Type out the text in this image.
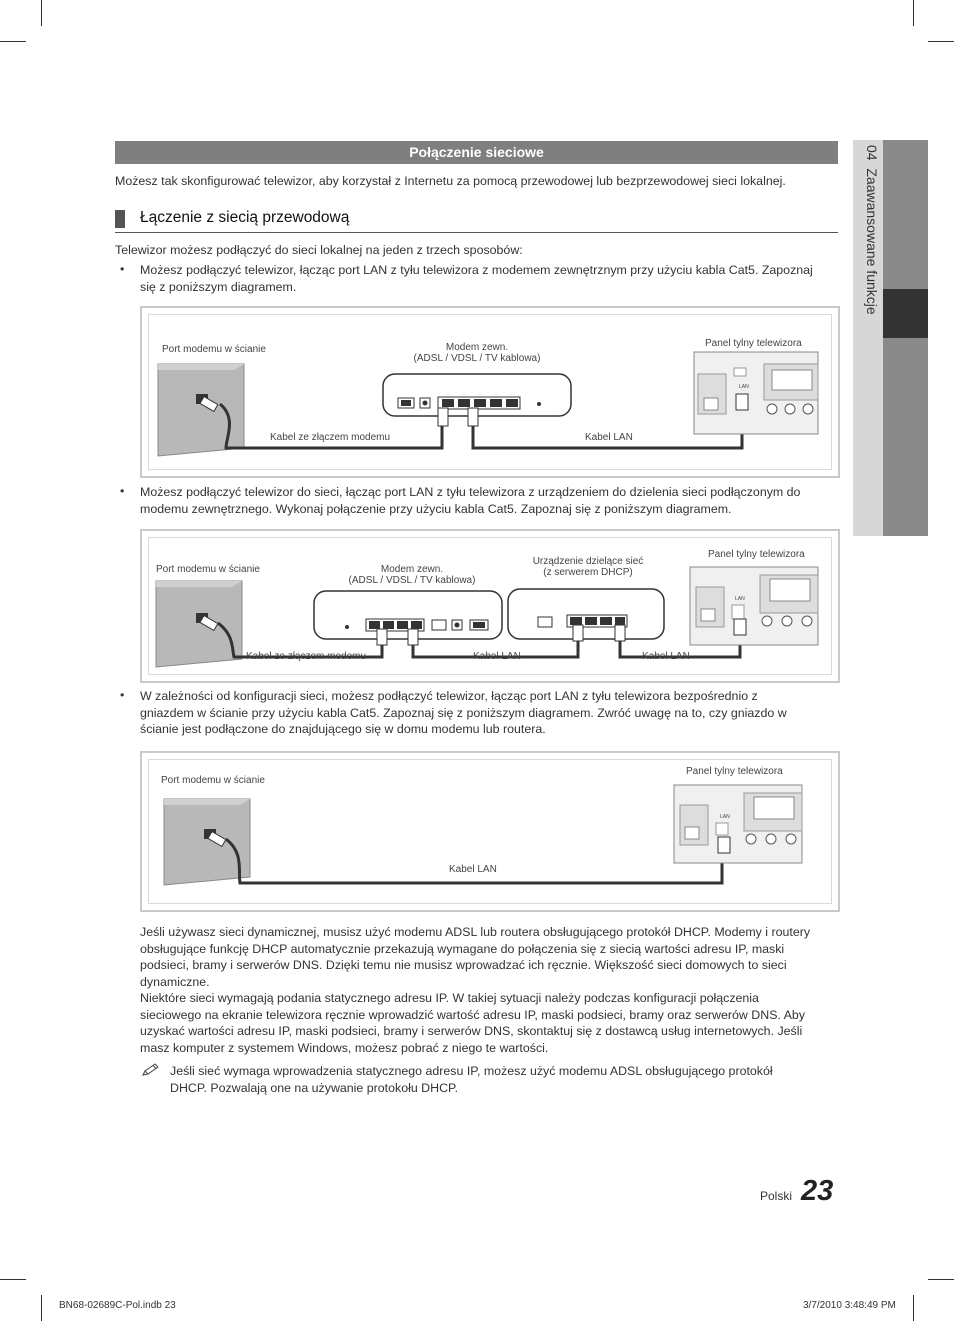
04  Zaawansowane funkcje
Połączenie sieciowe
Możesz tak skonfigurować telewizor, aby korzystał z Internetu za pomocą przewodowej lub bezprzewodowej sieci lokalnej.
Łączenie z siecią przewodową
Telewizor możesz podłączyć do sieci lokalnej na jeden z trzech sposobów:
• Możesz podłączyć telewizor, łącząc port LAN z tyłu telewizora z modemem zewnętrznym przy użyciu kabla Cat5. Zapoznaj
się z poniższym diagramem.
Port modemu w ścianie	Modem zewn.
(ADSL / VDSL / TV kablowa)
Panel tylny telewizora
Kabel ze złączem modemu	Kabel LAN
LAN
• Możesz podłączyć telewizor do sieci, łącząc port LAN z tyłu telewizora z urządzeniem do dzielenia sieci podłączonym do
modemu zewnętrznego. Wykonaj połączenie przy użyciu kabla Cat5. Zapoznaj się z poniższym diagramem.
Port modemu w ścianie	Modem zewn.
(ADSL / VDSL / TV kablowa)
Urządzenie dzielące sieć
(z serwerem DHCP)
Panel tylny telewizora
Kabel ze złączem modemu	Kabel LAN	Kabel LAN
LAN
• W zależności od konfiguracji sieci, możesz podłączyć telewizor, łącząc port LAN z tyłu telewizora bezpośrednio z
gniazdem w ścianie przy użyciu kabla Cat5. Zapoznaj się z poniższym diagramem. Zwróć uwagę na to, czy gniazdo w
ścianie jest podłączone do znajdującego się w domu modemu lub routera.
Port modemu w ścianie
Panel tylny telewizora
Kabel LAN
LAN
Jeśli używasz sieci dynamicznej, musisz użyć modemu ADSL lub routera obsługującego protokół DHCP. Modemy i routery
obsługujące funkcję DHCP automatycznie przekazują wymagane do połączenia się z siecią wartości adresu IP, maski
podsieci, bramy i serwerów DNS. Dzięki temu nie musisz wprowadzać ich ręcznie. Większość sieci domowych to sieci
dynamiczne.
Niektóre sieci wymagają podania statycznego adresu IP. W takiej sytuacji należy podczas konfiguracji połączenia
sieciowego na ekranie telewizora ręcznie wprowadzić wartość adresu IP, maski podsieci, bramy oraz serwerów DNS. Aby
uzyskać wartości adresu IP, maski podsieci, bramy i serwerów DNS, skontaktuj się z dostawcą usług internetowych. Jeśli
masz komputer z systemem Windows, możesz pobrać z niego te wartości.
Jeśli sieć wymaga wprowadzenia statycznego adresu IP, możesz użyć modemu ADSL obsługującego protokół
DHCP. Pozwalają one na używanie protokołu DHCP.
Polski 23
BN68-02689C-Pol.indb 23	3/7/2010 3:48:49 PM
